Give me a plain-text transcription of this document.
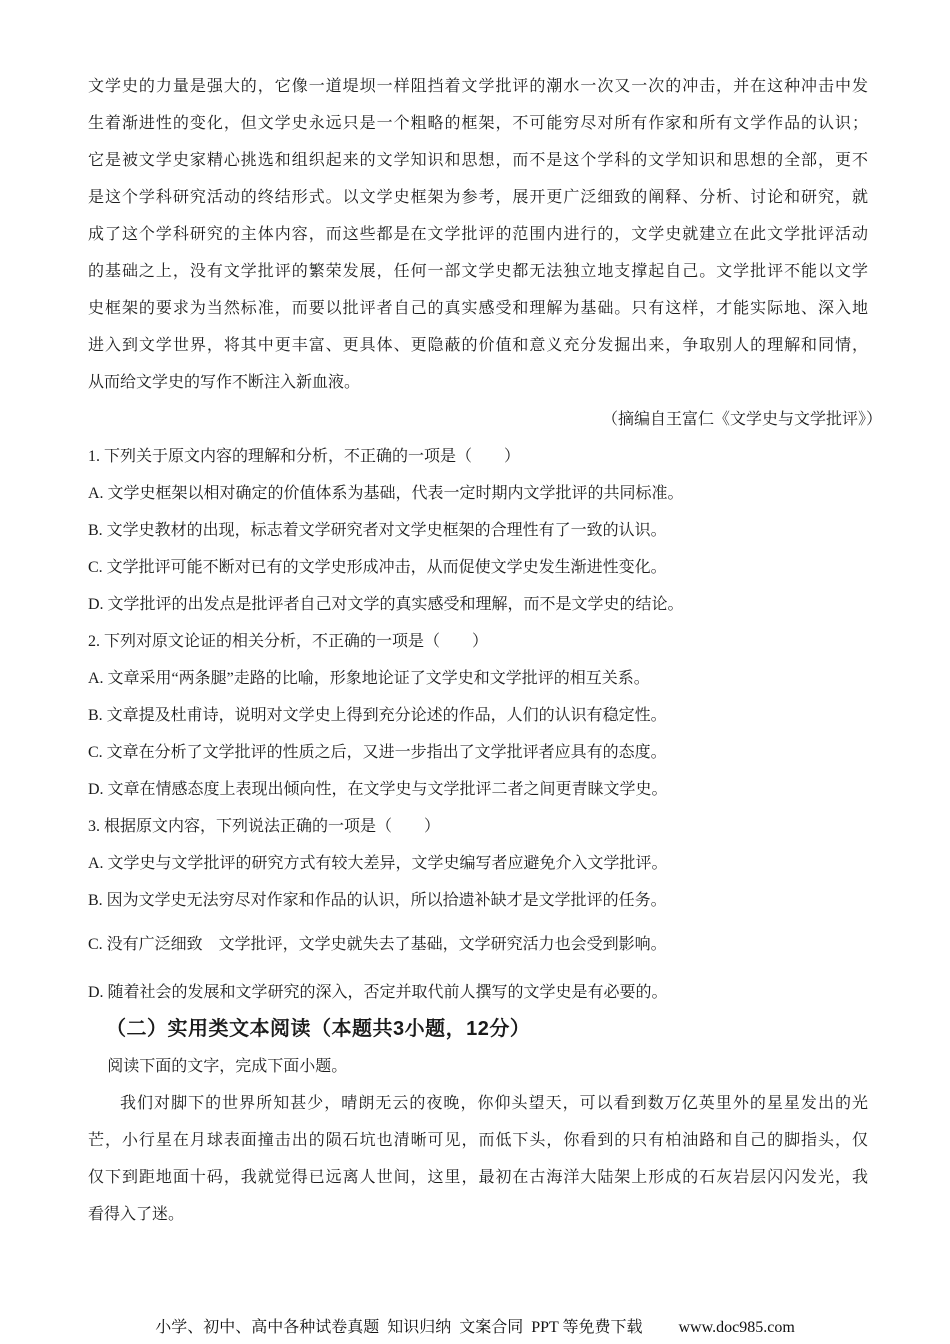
文学史的力量是强大的，它像一道堤坝一样阻挡着文学批评的潮水一次又一次的冲击，并在这种冲击中发
生着渐进性的变化，但文学史永远只是一个粗略的框架，不可能穷尽对所有作家和所有文学作品的认识；
它是被文学史家精心挑选和组织起来的文学知识和思想，而不是这个学科的文学知识和思想的全部，更不
是这个学科研究活动的终结形式。以文学史框架为参考，展开更广泛细致的阐释、分析、讨论和研究，就
成了这个学科研究的主体内容，而这些都是在文学批评的范围内进行的，文学史就建立在此文学批评活动
的基础之上，没有文学批评的繁荣发展，任何一部文学史都无法独立地支撑起自己。文学批评不能以文学
史框架的要求为当然标准，而要以批评者自己的真实感受和理解为基础。只有这样，才能实际地、深入地
进入到文学世界，将其中更丰富、更具体、更隐蔽的价值和意义充分发掘出来，争取别人的理解和同情，
从而给文学史的写作不断注入新血液。
（摘编自王富仁《文学史与文学批评》）
1. 下列关于原文内容的理解和分析，不正确的一项是（　　）
A. 文学史框架以相对确定的价值体系为基础，代表一定时期内文学批评的共同标准。
B. 文学史教材的出现，标志着文学研究者对文学史框架的合理性有了一致的认识。
C. 文学批评可能不断对已有的文学史形成冲击，从而促使文学史发生渐进性变化。
D. 文学批评的出发点是批评者自己对文学的真实感受和理解，而不是文学史的结论。
2. 下列对原文论证的相关分析，不正确的一项是（　　）
A. 文章采用“两条腿”走路的比喻，形象地论证了文学史和文学批评的相互关系。
B. 文章提及杜甫诗，说明对文学史上得到充分论述的作品，人们的认识有稳定性。
C. 文章在分析了文学批评的性质之后，又进一步指出了文学批评者应具有的态度。
D. 文章在情感态度上表现出倾向性，在文学史与文学批评二者之间更青睐文学史。
3. 根据原文内容，下列说法正确的一项是（　　）
A. 文学史与文学批评的研究方式有较大差异，文学史编写者应避免介入文学批评。
B. 因为文学史无法穷尽对作家和作品的认识，所以拾遗补缺才是文学批评的任务。
C. 没有广泛细致　文学批评，文学史就失去了基础，文学研究活力也会受到影响。
D. 随着社会的发展和文学研究的深入，否定并取代前人撰写的文学史是有必要的。
（二）实用类文本阅读（本题共3小题，12分）
阅读下面的文字，完成下面小题。
我们对脚下的世界所知甚少，晴朗无云的夜晚，你仰头望天，可以看到数万亿英里外的星星发出的光
芒，小行星在月球表面撞击出的陨石坑也清晰可见，而低下头，你看到的只有柏油路和自己的脚指头，仅
仅下到距地面十码，我就觉得已远离人世间，这里，最初在古海洋大陆架上形成的石灰岩层闪闪发光，我
看得入了迷。
小学、初中、高中各种试卷真题 知识归纳 文案合同 PPT 等免费下载 www.doc985.com
